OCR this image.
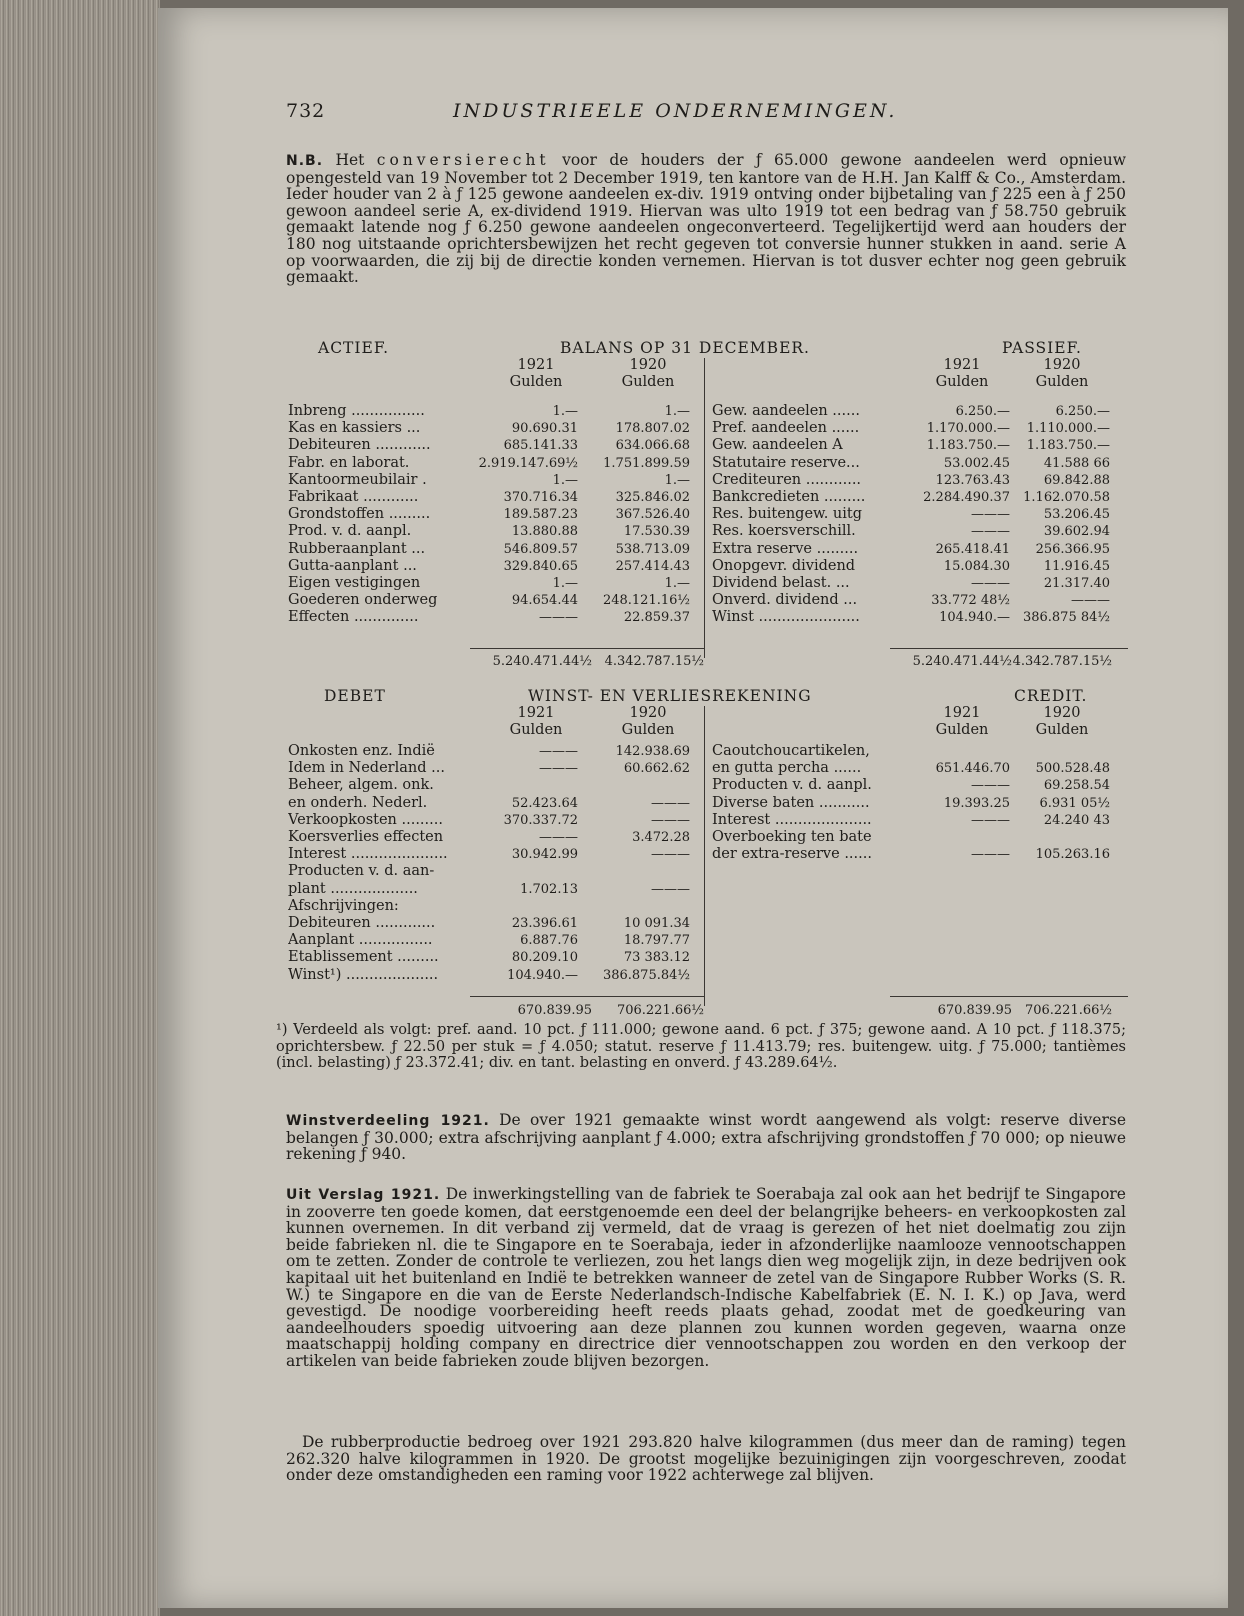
732	INDUSTRIEELE ONDERNEMINGEN.
N.B. Het conversierecht voor de houders der ƒ 65.000 gewone aandeelen werd opnieuw opengesteld van 19 November tot 2 December 1919, ten kantore van de H.H. Jan Kalff & Co., Amsterdam. Ieder houder van 2 à ƒ 125 gewone aandeelen ex-div. 1919 ontving onder bijbetaling van ƒ 225 een à ƒ 250 gewoon aandeel serie A, ex-dividend 1919. Hiervan was ulto 1919 tot een bedrag van ƒ 58.750 gebruik gemaakt latende nog ƒ 6.250 gewone aandeelen ongeconverteerd. Tegelijkertijd werd aan houders der 180 nog uitstaande oprichtersbewijzen het recht gegeven tot conversie hunner stukken in aand. serie A op voorwaarden, die zij bij de directie konden vernemen. Hiervan is tot dusver echter nog geen gebruik gemaakt.
ACTIEF.	BALANS OP 31 DECEMBER.	PASSIEF.
1921
Gulden
1920
Gulden
1921
Gulden
1920
Gulden
Inbreng ................	1.—	1.—
Kas en kassiers ...	90.690.31	178.807.02
Debiteuren ............	685.141.33	634.066.68
Fabr. en laborat.	2.919.147.69½	1.751.899.59
Kantoormeubilair .	1.—	1.—
Fabrikaat ............	370.716.34	325.846.02
Grondstoffen .........	189.587.23	367.526.40
Prod. v. d. aanpl.	13.880.88	17.530.39
Rubberaanplant ...	546.809.57	538.713.09
Gutta-aanplant ...	329.840.65	257.414.43
Eigen vestigingen	1.—	1.—
Goederen onderweg	94.654.44	248.121.16½
Effecten ..............	———	22.859.37
Gew. aandeelen ......	6.250.—	6.250.—
Pref. aandeelen ......	1.170.000.—	1.110.000.—
Gew. aandeelen A	1.183.750.—	1.183.750.—
Statutaire reserve...	53.002.45	41.588 66
Crediteuren ............	123.763.43	69.842.88
Bankcredieten .........	2.284.490.37	1.162.070.58
Res. buitengew. uitg	———	53.206.45
Res. koersverschill.	———	39.602.94
Extra reserve .........	265.418.41	256.366.95
Onopgevr. dividend	15.084.30	11.916.45
Dividend belast. ...	———	21.317.40
Onverd. dividend ...	33.772 48½	———
Winst ......................	104.940.— 386.875 84½
5.240.471.44½ 4.342.787.15½	5.240.471.44½ 4.342.787.15½
DEBET	WINST- EN VERLIESREKENING	CREDIT.
1921
Gulden
1920
Gulden
1921
Gulden
1920
Gulden
Onkosten enz. Indië	———	142.938.69
Idem in Nederland ...	———	60.662.62
Beheer, algem. onk.
en onderh. Nederl.	52.423.64	———
Verkoopkosten .........	370.337.72	———
Koersverlies effecten	———	3.472.28
Interest .....................	30.942.99	———
Producten v. d. aan-
plant ...................	1.702.13	———
Afschrijvingen:
Debiteuren .............	23.396.61	10 091.34
Aanplant ................	6.887.76	18.797.77
Etablissement .........	80.209.10	73 383.12
Winst¹) ....................	104.940.—	386.875.84½
Caoutchoucartikelen,
en gutta percha ......	651.446.70	500.528.48
Producten v. d. aanpl.	———	69.258.54
Diverse baten ...........	19.393.25	6.931 05½
Interest .....................	———	24.240 43
Overboeking ten bate
der extra-reserve ......	———	105.263.16
670.839.95	706.221.66½	670.839.95 706.221.66½
¹) Verdeeld als volgt: pref. aand. 10 pct. ƒ 111.000; gewone aand. 6 pct. ƒ 375; gewone aand. A 10 pct. ƒ 118.375; oprichtersbew. ƒ 22.50 per stuk = ƒ 4.050; statut. reserve ƒ 11.413.79; res. buitengew. uitg. ƒ 75.000; tantièmes (incl. belasting) ƒ 23.372.41; div. en tant. belasting en onverd. ƒ 43.289.64½.
Winstverdeeling 1921. De over 1921 gemaakte winst wordt aangewend als volgt: reserve diverse belangen ƒ 30.000; extra afschrijving aanplant ƒ 4.000; extra afschrijving grondstoffen ƒ 70 000; op nieuwe rekening ƒ 940.
Uit Verslag 1921. De inwerkingstelling van de fabriek te Soerabaja zal ook aan het bedrijf te Singapore in zooverre ten goede komen, dat eerstgenoemde een deel der belangrijke beheers- en verkoopkosten zal kunnen overnemen. In dit verband zij vermeld, dat de vraag is gerezen of het niet doelmatig zou zijn beide fabrieken nl. die te Singapore en te Soerabaja, ieder in afzonderlijke naamlooze vennootschappen om te zetten. Zonder de controle te verliezen, zou het langs dien weg mogelijk zijn, in deze bedrijven ook kapitaal uit het buitenland en Indië te betrekken wanneer de zetel van de Singapore Rubber Works (S. R. W.) te Singapore en die van de Eerste Nederlandsch-Indische Kabelfabriek (E. N. I. K.) op Java, werd gevestigd. De noodige voorbereiding heeft reeds plaats gehad, zoodat met de goedkeuring van aandeelhouders spoedig uitvoering aan deze plannen zou kunnen worden gegeven, waarna onze maatschappij holding company en directrice dier vennootschappen zou worden en den verkoop der artikelen van beide fabrieken zoude blijven bezorgen.
De rubberproductie bedroeg over 1921 293.820 halve kilogrammen (dus meer dan de raming) tegen 262.320 halve kilogrammen in 1920. De grootst mogelijke bezuinigingen zijn voorgeschreven, zoodat onder deze omstandigheden een raming voor 1922 achterwege zal blijven.
